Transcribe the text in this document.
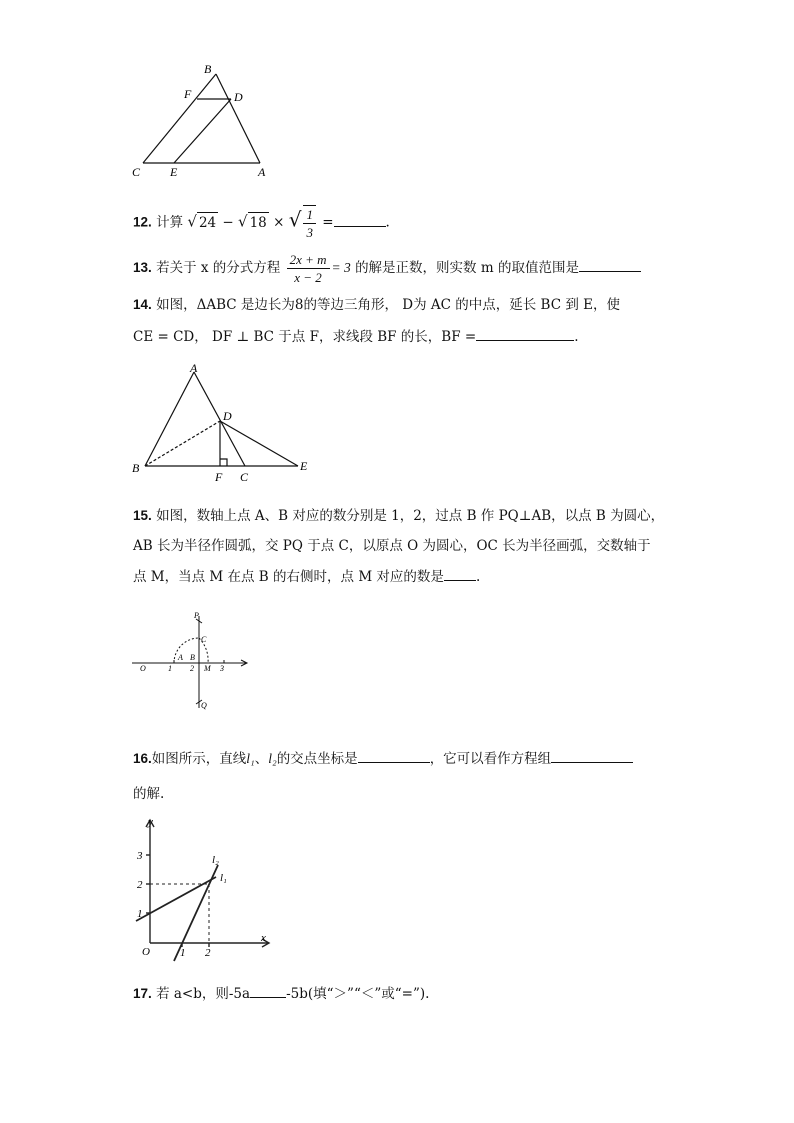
B
F	D
C E	A
12. 计算 √ 24 − √ 18 × √ $\frac{1}{3}$ =	.
13. 若关于 x 的分式方程 $\frac{2x + m}{x - 2} = 3$ 的解是正数，则实数 m 的取值范围是
14. 如图，ΔABC 是边长为8的等边三角形， D为 AC 的中点，延长 BC 到 E，使
CE = CD， DF ⊥ BC 于点 F，求线段 BF 的长，BF =	.
A
D
B
F C
E
15. 如图，数轴上点 A、B 对应的数分别是 1，2，过点 B 作 PQ⊥AB，以点 B 为圆心，
AB 长为半径作圆弧，交 PQ 于点 C，以原点 O 为圆心，OC 长为半径画弧，交数轴于
点 M，当点 M 在点 B 的右侧时，点 M 对应的数是 .
P
C
O
A B
M
1 2	3
Q
16.如图所示，直线l₁、l₂的交点坐标是	，它可以看作方程组
的解.
y
x
O
3
2
1
1 2
l₂
l₁
17. 若 a<b，则-5a	-5b(填“＞”“＜”或“=”).
